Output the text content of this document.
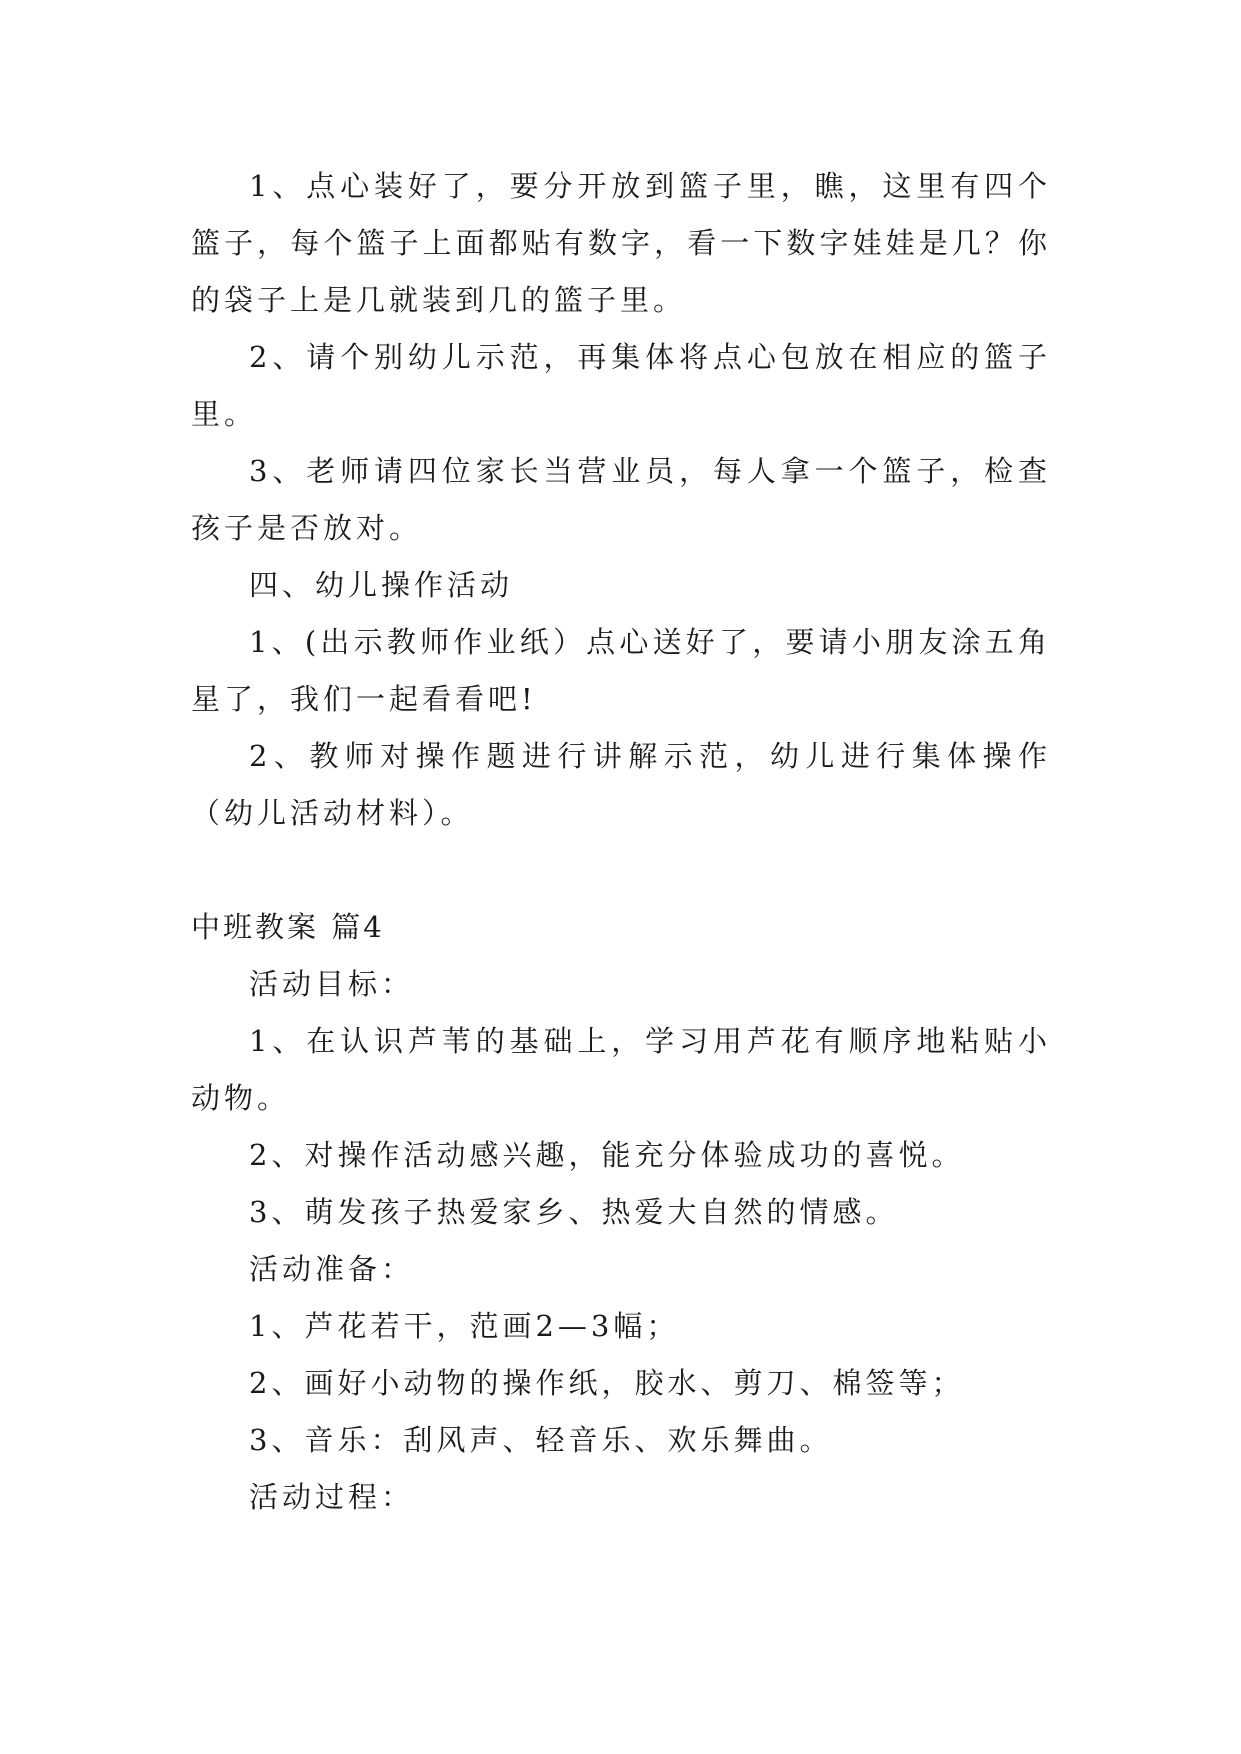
1、点心装好了，要分开放到篮子里，瞧，这里有四个篮子，每个篮子上面都贴有数字，看一下数字娃娃是几？你的袋子上是几就装到几的篮子里。

2、请个别幼儿示范，再集体将点心包放在相应的篮子里。

3、老师请四位家长当营业员，每人拿一个篮子，检查孩子是否放对。

四、幼儿操作活动

1、(出示教师作业纸）点心送好了，要请小朋友涂五角星了，我们一起看看吧!

2、教师对操作题进行讲解示范，幼儿进行集体操作（幼儿活动材料）。

中班教案 篇4

活动目标：

1、在认识芦苇的基础上，学习用芦花有顺序地粘贴小动物。

2、对操作活动感兴趣，能充分体验成功的喜悦。

3、萌发孩子热爱家乡、热爱大自然的情感。

活动准备：

1、芦花若干，范画2—3幅；

2、画好小动物的操作纸，胶水、剪刀、棉签等；

3、音乐：刮风声、轻音乐、欢乐舞曲。

活动过程：
